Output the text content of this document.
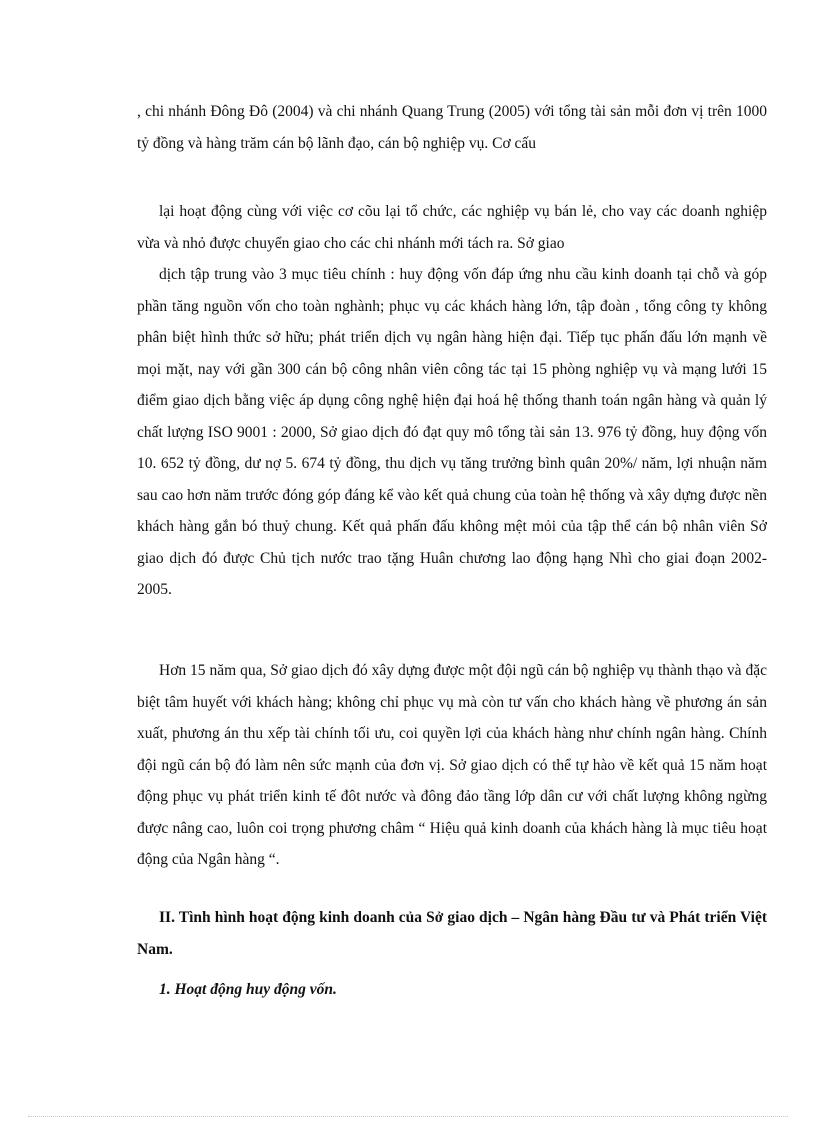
, chi nhánh Đông Đô (2004) và chi nhánh Quang Trung (2005) với tổng tài sản mỗi đơn vị trên 1000 tỷ đồng và hàng trăm cán bộ lãnh đạo, cán bộ nghiệp vụ. Cơ cấu

lại hoạt động cùng với việc cơ cõu lại tổ chức, các nghiệp vụ bán lẻ, cho vay các doanh nghiệp vừa và nhỏ được chuyển giao cho các chi nhánh mới tách ra. Sở giao

dịch tập trung vào 3 mục tiêu chính : huy động vốn đáp ứng nhu cầu kinh doanh tại chỗ và góp phần tăng nguồn vốn cho toàn nghành; phục vụ các khách hàng lớn, tập đoàn , tổng công ty không phân biệt hình thức sở hữu; phát triển dịch vụ ngân hàng hiện đại. Tiếp tục phấn đấu lớn mạnh về mọi mặt, nay với gần 300 cán bộ công nhân viên công tác tại 15 phòng nghiệp vụ và mạng lưới 15 điểm giao dịch bằng việc áp dụng công nghệ hiện đại hoá hệ thống thanh toán ngân hàng và quản lý chất lượng ISO 9001 : 2000, Sở giao dịch đó đạt quy mô tổng tài sản 13. 976 tỷ đồng, huy động vốn 10. 652 tỷ đồng, dư nợ 5. 674 tỷ đồng, thu dịch vụ tăng trưởng bình quân 20%/ năm, lợi nhuận năm sau cao hơn năm trước đóng góp đáng kể vào kết quả chung của toàn hệ thống và xây dựng được nền khách hàng gắn bó thuỷ chung. Kết quả phấn đấu không mệt mỏi của tập thể cán bộ nhân viên Sở giao dịch đó được Chủ tịch nước trao tặng Huân chương lao động hạng Nhì cho giai đoạn 2002- 2005.

Hơn 15 năm qua, Sở giao dịch đó xây dựng được một đội ngũ cán bộ nghiệp vụ thành thạo và đặc biệt tâm huyết với khách hàng; không chỉ phục vụ mà còn tư vấn cho khách hàng về phương án sản xuất, phương án thu xếp tài chính tối ưu, coi quyền lợi của khách hàng như chính ngân hàng. Chính đội ngũ cán bộ đó làm nên sức mạnh của đơn vị. Sở giao dịch có thể tự hào về kết quả 15 năm hoạt động phục vụ phát triển kinh tế đôt nước và đông đảo tầng lớp dân cư với chất lượng không ngừng được nâng cao, luôn coi trọng phương châm “ Hiệu quả kinh doanh của khách hàng là mục tiêu hoạt động của Ngân hàng “.

II. Tình hình hoạt động kinh doanh của Sở giao dịch – Ngân hàng Đầu tư và Phát triển Việt Nam.
1. Hoạt động huy động vốn.
